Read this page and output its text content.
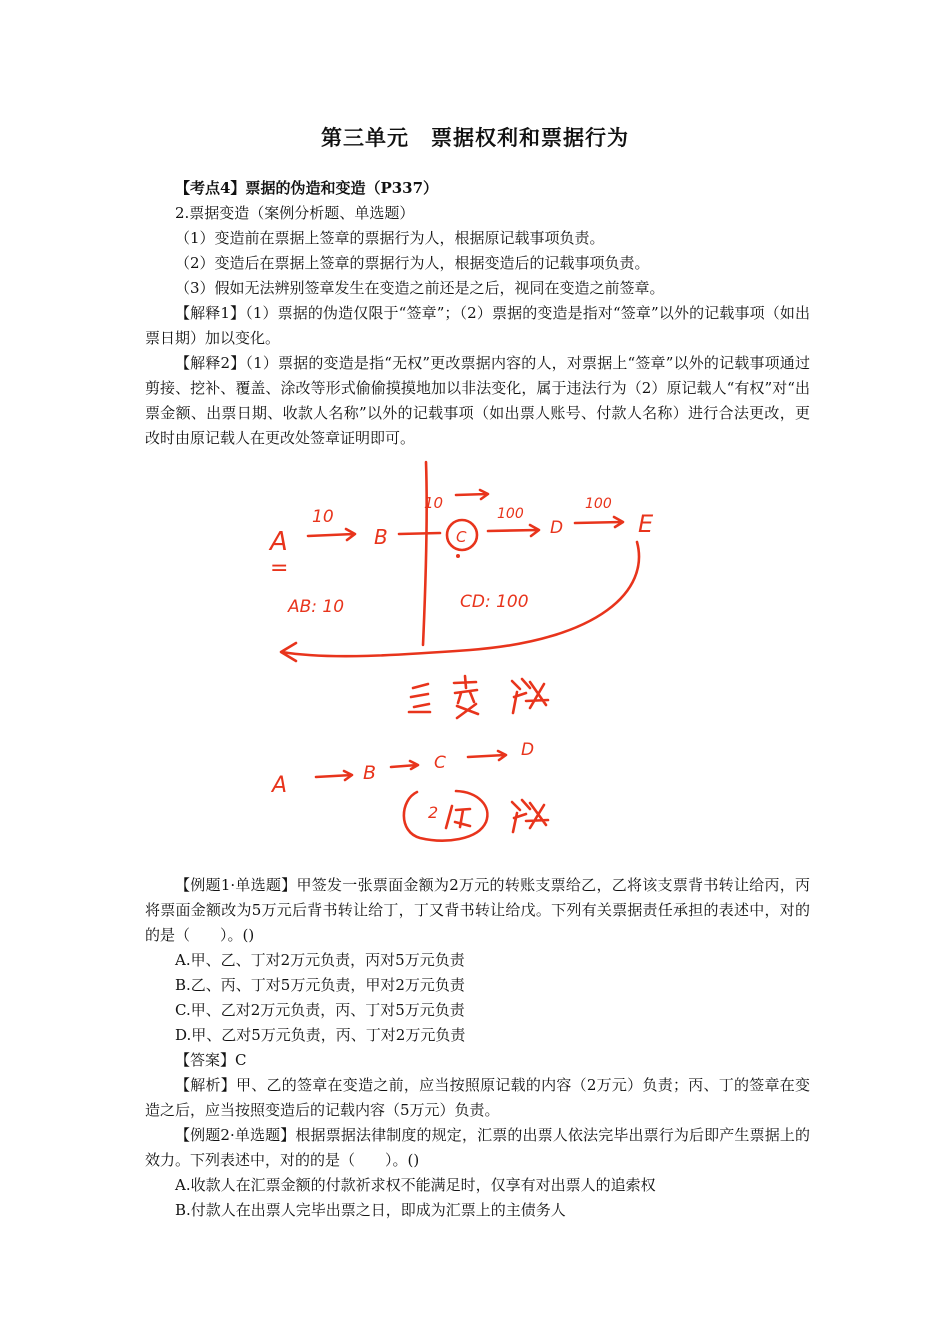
第三单元　票据权利和票据行为

【考点4】票据的伪造和变造（P337）

2.票据变造（案例分析题、单选题）

（1）变造前在票据上签章的票据行为人，根据原记载事项负责。

（2）变造后在票据上签章的票据行为人，根据变造后的记载事项负责。

（3）假如无法辨别签章发生在变造之前还是之后，视同在变造之前签章。

【解释1】（1）票据的伪造仅限于“签章”；（2）票据的变造是指对“签章”以外的记载事项（如出票日期）加以变化。

【解释2】（1）票据的变造是指“无权”更改票据内容的人，对票据上“签章”以外的记载事项通过剪接、挖补、覆盖、涂改等形式偷偷摸摸地加以非法变化，属于违法行为（2）原记载人“有权”对“出票金额、出票日期、收款人名称”以外的记载事项（如出票人账号、付款人名称）进行合法更改，更改时由原记载人在更改处签章证明即可。

A
=
10
B
10
C
100
D
100
E
AB: 10	CD: 100
A	B	C
D
2

【例题1·单选题】甲签发一张票面金额为2万元的转账支票给乙，乙将该支票背书转让给丙，丙将票面金额改为5万元后背书转让给丁，丁又背书转让给戊。下列有关票据责任承担的表述中，对的的是（　　）。()

A.甲、乙、丁对2万元负责，丙对5万元负责

B.乙、丙、丁对5万元负责，甲对2万元负责

C.甲、乙对2万元负责，丙、丁对5万元负责

D.甲、乙对5万元负责，丙、丁对2万元负责

【答案】C

【解析】甲、乙的签章在变造之前，应当按照原记载的内容（2万元）负责；丙、丁的签章在变造之后，应当按照变造后的记载内容（5万元）负责。

【例题2·单选题】根据票据法律制度的规定，汇票的出票人依法完毕出票行为后即产生票据上的效力。下列表述中，对的的是（　　）。()

A.收款人在汇票金额的付款祈求权不能满足时，仅享有对出票人的追索权

B.付款人在出票人完毕出票之日，即成为汇票上的主债务人
